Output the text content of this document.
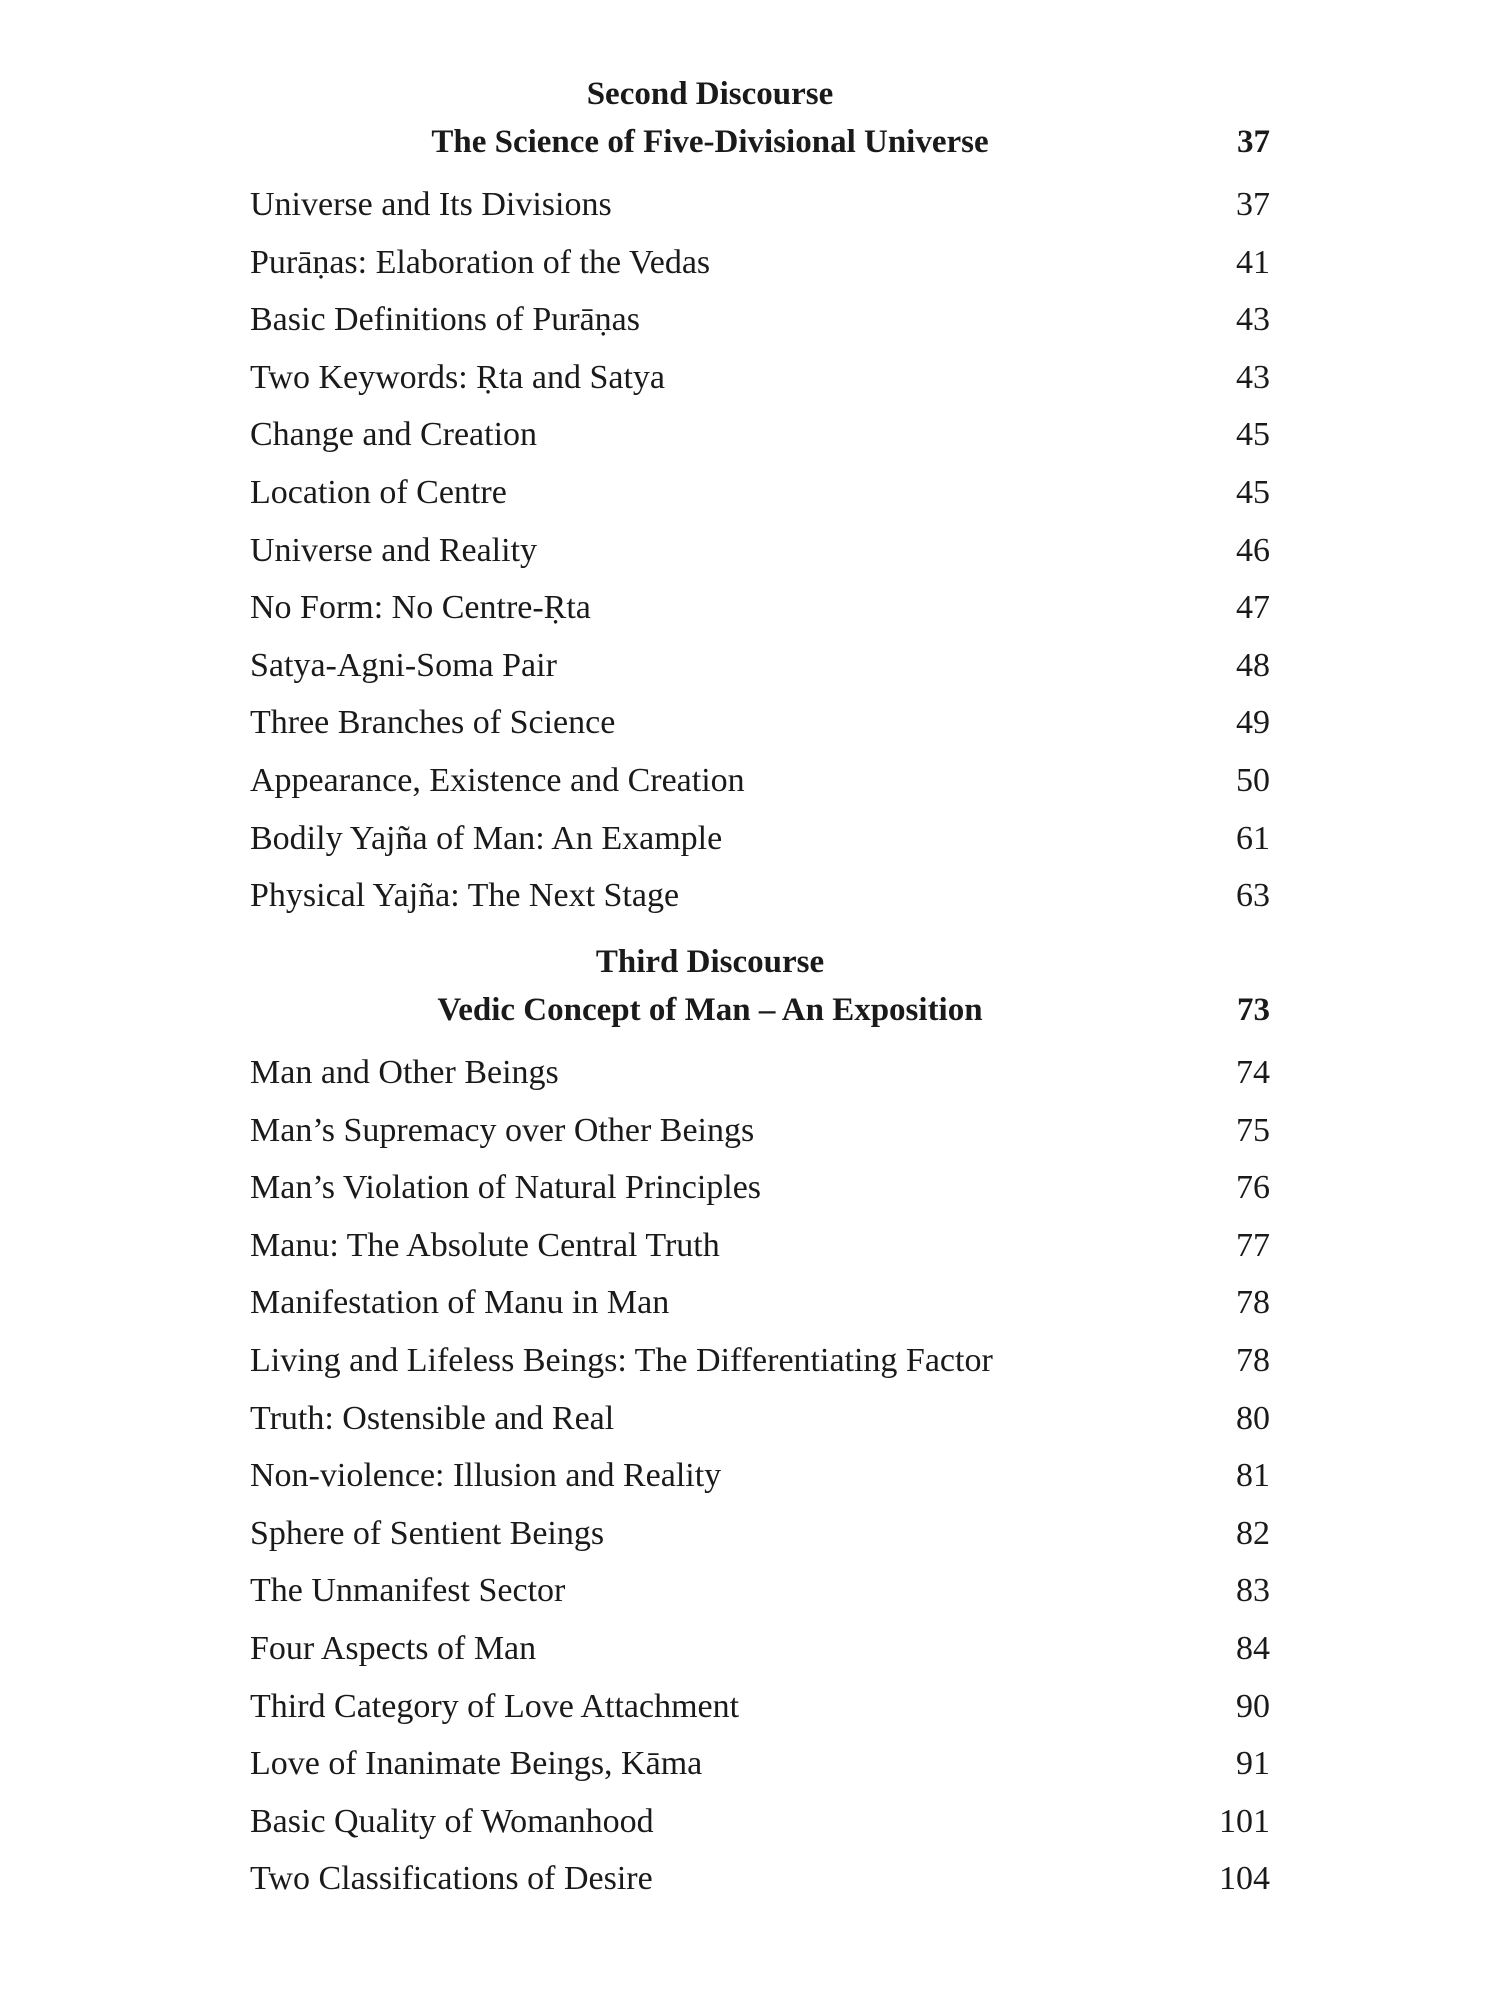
Second Discourse
The Science of Five-Divisional Universe	37
Universe and Its Divisions	37
Purāṇas: Elaboration of the Vedas	41
Basic Definitions of Purāṇas	43
Two Keywords: Ṛta and Satya	43
Change and Creation	45
Location of Centre	45
Universe and Reality	46
No Form: No Centre-Ṛta	47
Satya-Agni-Soma Pair	48
Three Branches of Science	49
Appearance, Existence and Creation	50
Bodily Yajña of Man: An Example	61
Physical Yajña: The Next Stage	63
Third Discourse
Vedic Concept of Man – An Exposition	73
Man and Other Beings	74
Man’s Supremacy over Other Beings	75
Man’s Violation of Natural Principles	76
Manu: The Absolute Central Truth	77
Manifestation of Manu in Man	78
Living and Lifeless Beings: The Differentiating Factor	78
Truth: Ostensible and Real	80
Non-violence: Illusion and Reality	81
Sphere of Sentient Beings	82
The Unmanifest Sector	83
Four Aspects of Man	84
Third Category of Love Attachment	90
Love of Inanimate Beings, Kāma	91
Basic Quality of Womanhood	101
Two Classifications of Desire	104
